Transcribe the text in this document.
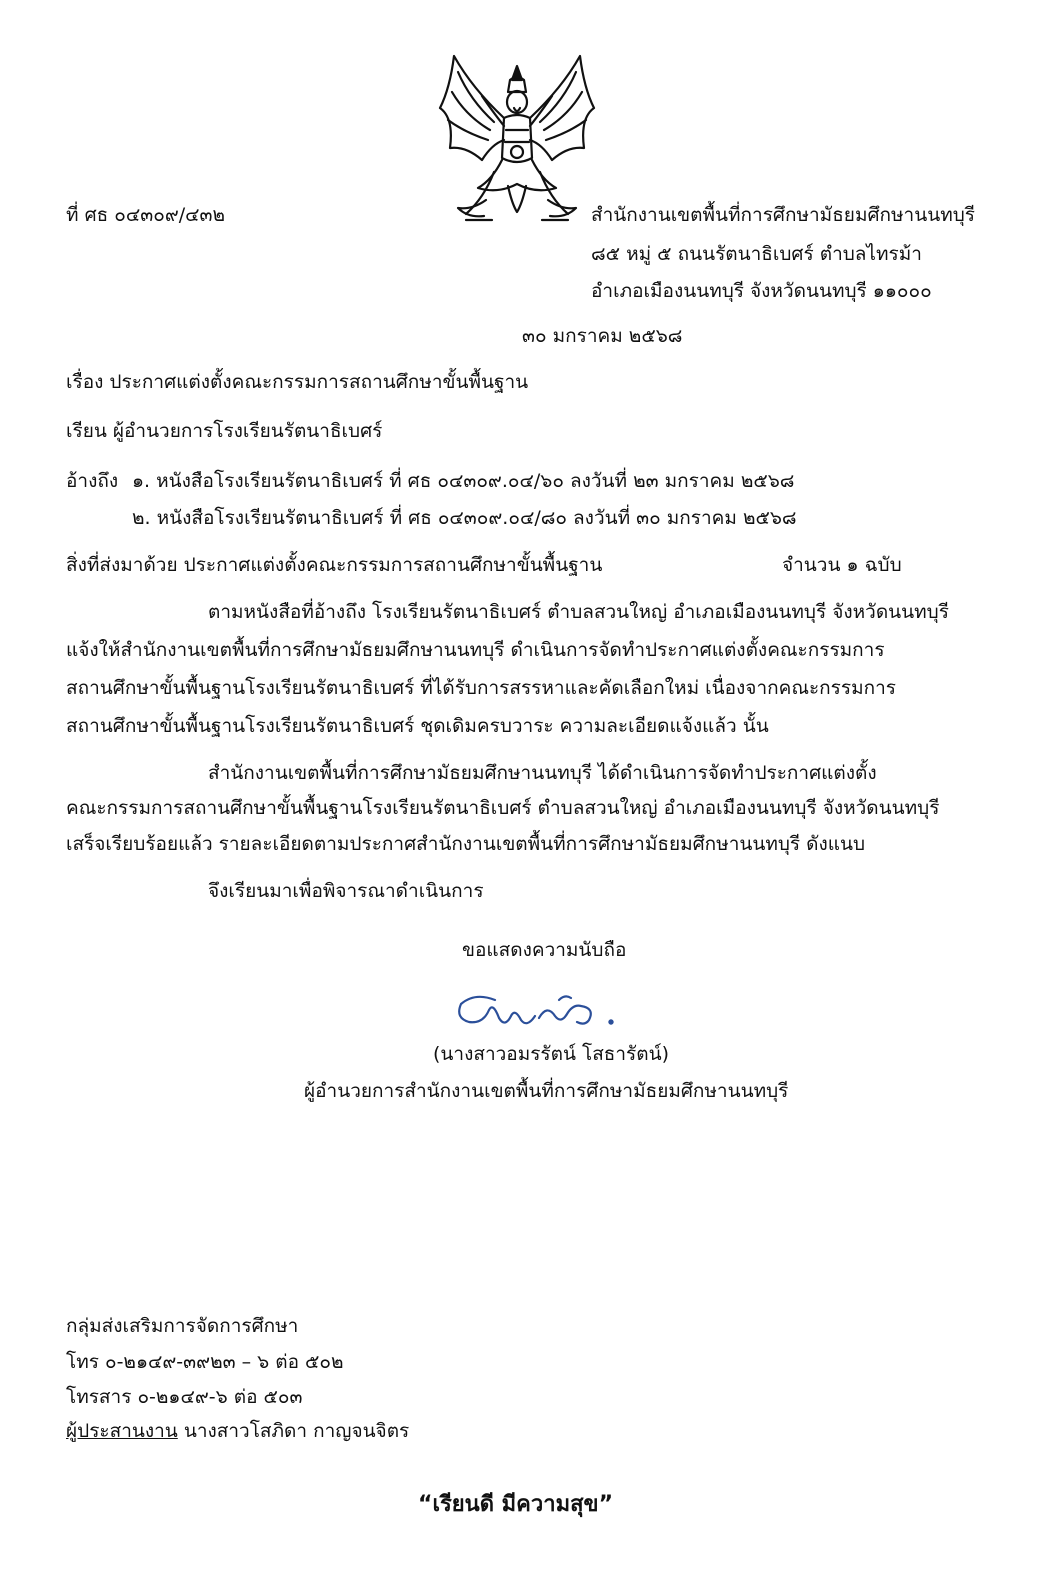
ที่ ศธ ๐๔๓๐๙/๔๓๒	สำนักงานเขตพื้นที่การศึกษามัธยมศึกษานนทบุรี
๘๕ หมู่ ๕ ถนนรัตนาธิเบศร์ ตำบลไทรม้า
อำเภอเมืองนนทบุรี จังหวัดนนทบุรี ๑๑๐๐๐
๓๐ มกราคม ๒๕๖๘
เรื่อง ประกาศแต่งตั้งคณะกรรมการสถานศึกษาขั้นพื้นฐาน
เรียน ผู้อำนวยการโรงเรียนรัตนาธิเบศร์
อ้างถึง ๑. หนังสือโรงเรียนรัตนาธิเบศร์ ที่ ศธ ๐๔๓๐๙.๐๔/๖๐ ลงวันที่ ๒๓ มกราคม ๒๕๖๘
๒. หนังสือโรงเรียนรัตนาธิเบศร์ ที่ ศธ ๐๔๓๐๙.๐๔/๘๐ ลงวันที่ ๓๐ มกราคม ๒๕๖๘
สิ่งที่ส่งมาด้วย ประกาศแต่งตั้งคณะกรรมการสถานศึกษาขั้นพื้นฐาน	จำนวน ๑ ฉบับ
ตามหนังสือที่อ้างถึง โรงเรียนรัตนาธิเบศร์ ตำบลสวนใหญ่ อำเภอเมืองนนทบุรี จังหวัดนนทบุรี
แจ้งให้สำนักงานเขตพื้นที่การศึกษามัธยมศึกษานนทบุรี ดำเนินการจัดทำประกาศแต่งตั้งคณะกรรมการ
สถานศึกษาขั้นพื้นฐานโรงเรียนรัตนาธิเบศร์ ที่ได้รับการสรรหาและคัดเลือกใหม่ เนื่องจากคณะกรรมการ
สถานศึกษาขั้นพื้นฐานโรงเรียนรัตนาธิเบศร์ ชุดเดิมครบวาระ ความละเอียดแจ้งแล้ว นั้น
สำนักงานเขตพื้นที่การศึกษามัธยมศึกษานนทบุรี ได้ดำเนินการจัดทำประกาศแต่งตั้ง
คณะกรรมการสถานศึกษาขั้นพื้นฐานโรงเรียนรัตนาธิเบศร์ ตำบลสวนใหญ่ อำเภอเมืองนนทบุรี จังหวัดนนทบุรี
เสร็จเรียบร้อยแล้ว รายละเอียดตามประกาศสำนักงานเขตพื้นที่การศึกษามัธยมศึกษานนทบุรี ดังแนบ
จึงเรียนมาเพื่อพิจารณาดำเนินการ
ขอแสดงความนับถือ
(นางสาวอมรรัตน์ โสธารัตน์)
ผู้อำนวยการสำนักงานเขตพื้นที่การศึกษามัธยมศึกษานนทบุรี
กลุ่มส่งเสริมการจัดการศึกษา
โทร ๐-๒๑๔๙-๓๙๒๓ – ๖ ต่อ ๕๐๒
โทรสาร ๐-๒๑๔๙-๖ ต่อ ๕๐๓
ผู้ประสานงาน นางสาวโสภิดา กาญจนจิตร
“เรียนดี มีความสุข”
